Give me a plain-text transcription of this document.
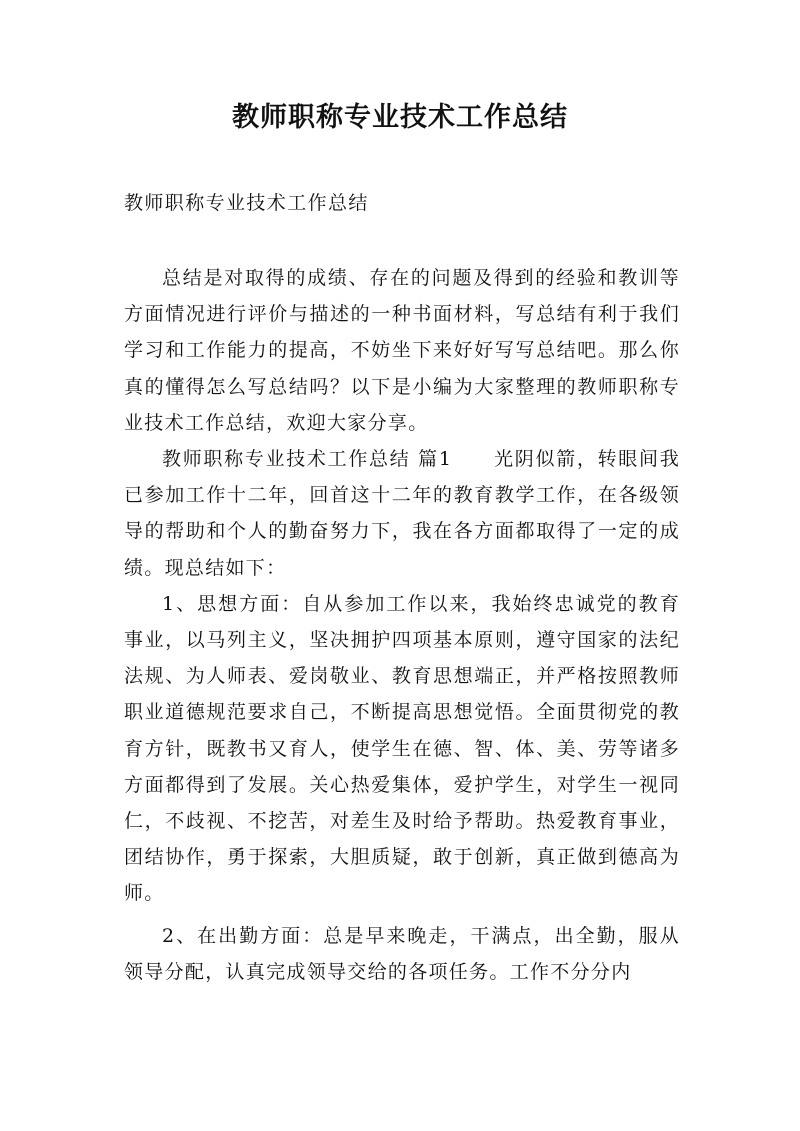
教师职称专业技术工作总结
教师职称专业技术工作总结

总结是对取得的成绩、存在的问题及得到的经验和教训等方面情况进行评价与描述的一种书面材料，写总结有利于我们学习和工作能力的提高，不妨坐下来好好写写总结吧。那么你真的懂得怎么写总结吗？以下是小编为大家整理的教师职称专业技术工作总结，欢迎大家分享。

教师职称专业技术工作总结 篇1　　光阴似箭，转眼间我已参加工作十二年，回首这十二年的教育教学工作，在各级领导的帮助和个人的勤奋努力下，我在各方面都取得了一定的成绩。现总结如下：

1、思想方面：自从参加工作以来，我始终忠诚党的教育事业，以马列主义，坚决拥护四项基本原则，遵守国家的法纪法规、为人师表、爱岗敬业、教育思想端正，并严格按照教师职业道德规范要求自己，不断提高思想觉悟。全面贯彻党的教育方针，既教书又育人，使学生在德、智、体、美、劳等诸多方面都得到了发展。关心热爱集体，爱护学生，对学生一视同仁，不歧视、不挖苦，对差生及时给予帮助。热爱教育事业，团结协作，勇于探索，大胆质疑，敢于创新，真正做到德高为师。

2、在出勤方面：总是早来晚走，干满点，出全勤，服从领导分配，认真完成领导交给的各项任务。工作不分分内
